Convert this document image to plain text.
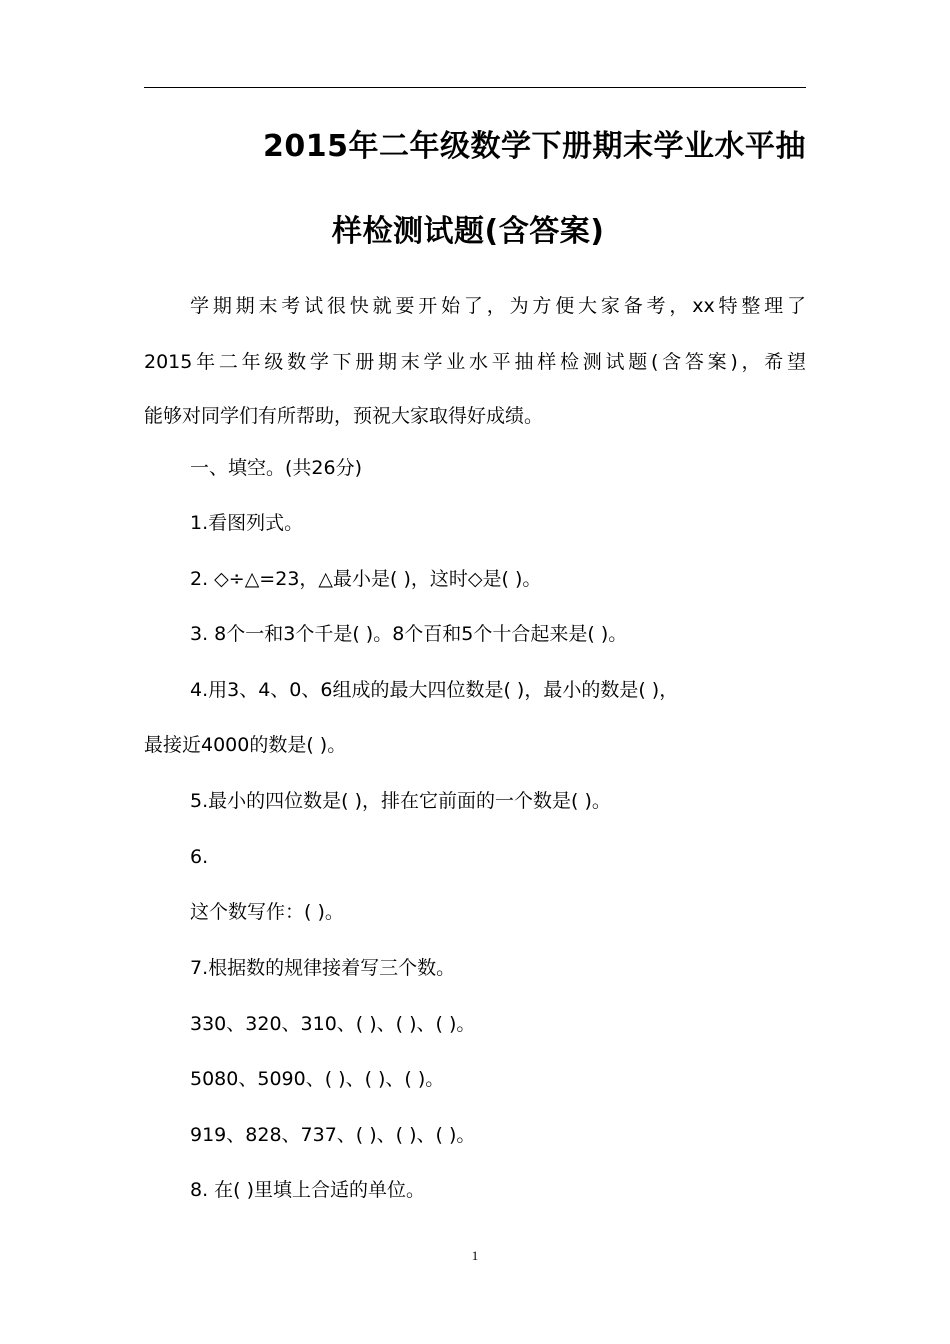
2015年二年级数学下册期末学业水平抽
样检测试题(含答案)
学期期末考试很快就要开始了，为方便大家备考，xx特整理了
2015年二年级数学下册期末学业水平抽样检测试题(含答案)，希望
能够对同学们有所帮助，预祝大家取得好成绩。
一、填空。(共26分)
1.看图列式。
2. ◇÷△=23，△最小是( )，这时◇是( )。
3. 8个一和3个千是( )。8个百和5个十合起来是( )。
4.用3、4、0、6组成的最大四位数是( )，最小的数是( )，
最接近4000的数是( )。
5.最小的四位数是( )，排在它前面的一个数是( )。
6.
这个数写作：( )。
7.根据数的规律接着写三个数。
330、320、310、( )、( )、( )。
5080、5090、( )、( )、( )。
919、828、737、( )、( )、( )。
8. 在( )里填上合适的单位。
1
